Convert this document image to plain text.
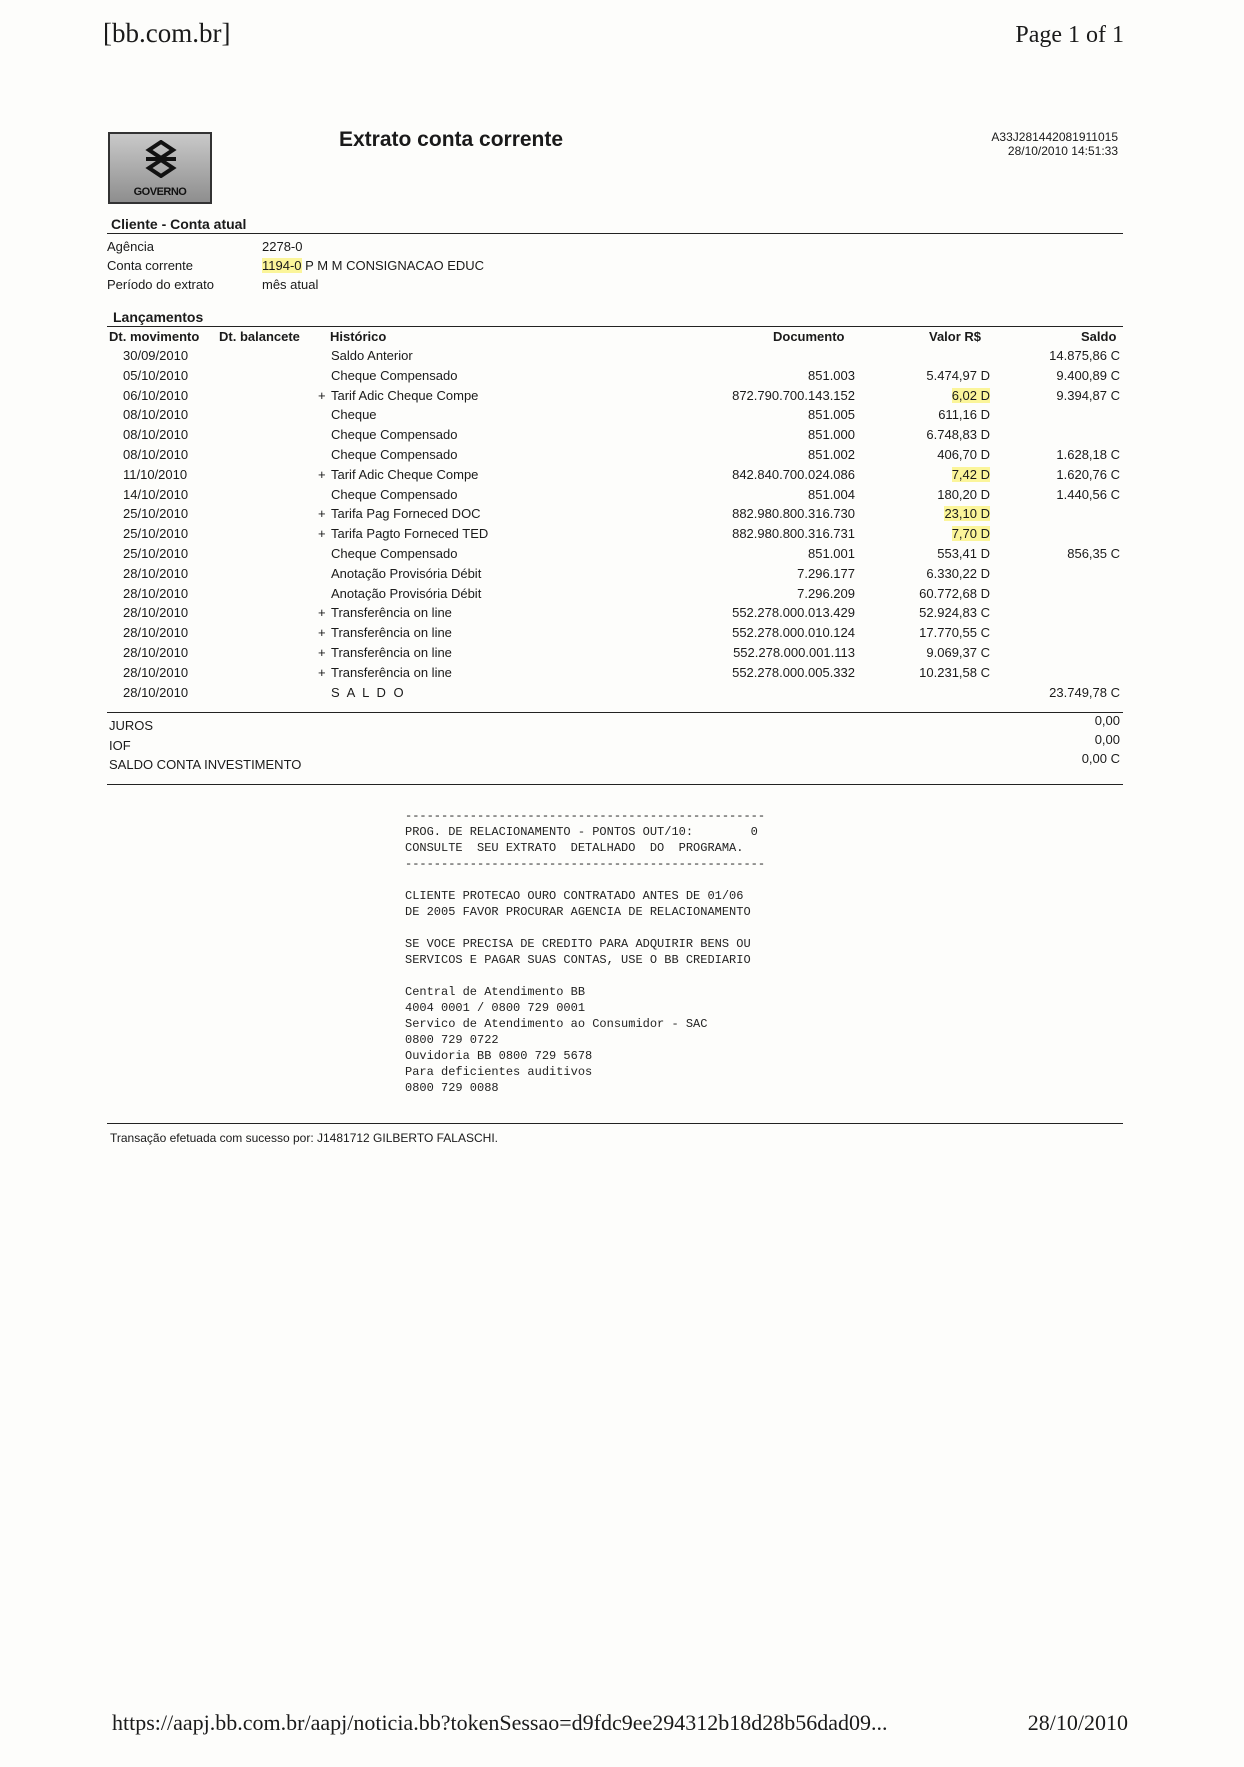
[bb.com.br]	Page 1 of 1
GOVERNO
Extrato conta corrente	A33J281442081911015
28/10/2010 14:51:33
Cliente - Conta atual
Agência	2278-0
Conta corrente	1194-0 P M M CONSIGNACAO EDUC
Período do extrato	mês atual
Lançamentos
Dt. movimento Dt. balancete Histórico	Documento	Valor R$	Saldo
30/09/2010	Saldo Anterior	14.875,86 C
05/10/2010	Cheque Compensado	851.003	5.474,97 D	9.400,89 C
06/10/2010	+ Tarif Adic Cheque Compe	872.790.700.143.152	6,02 D	9.394,87 C
08/10/2010	Cheque	851.005	611,16 D
08/10/2010	Cheque Compensado	851.000	6.748,83 D
08/10/2010	Cheque Compensado	851.002	406,70 D	1.628,18 C
11/10/2010	+ Tarif Adic Cheque Compe	842.840.700.024.086	7,42 D	1.620,76 C
14/10/2010	Cheque Compensado	851.004	180,20 D	1.440,56 C
25/10/2010	+ Tarifa Pag Forneced DOC	882.980.800.316.730	23,10 D
25/10/2010	+ Tarifa Pagto Forneced TED	882.980.800.316.731	7,70 D
25/10/2010	Cheque Compensado	851.001	553,41 D	856,35 C
28/10/2010	Anotação Provisória Débit	7.296.177	6.330,22 D
28/10/2010	Anotação Provisória Débit	7.296.209	60.772,68 D
28/10/2010	+ Transferência on line	552.278.000.013.429	52.924,83 C
28/10/2010	+ Transferência on line	552.278.000.010.124	17.770,55 C
28/10/2010	+ Transferência on line	552.278.000.001.113	9.069,37 C
28/10/2010	+ Transferência on line	552.278.000.005.332	10.231,58 C
28/10/2010	S A L D O	23.749,78 C
JUROS	0,00
IOF	0,00
SALDO CONTA INVESTIMENTO	0,00 C
--------------------------------------------------
PROG. DE RELACIONAMENTO - PONTOS OUT/10:        0
CONSULTE  SEU EXTRATO  DETALHADO  DO  PROGRAMA.
--------------------------------------------------
CLIENTE PROTECAO OURO CONTRATADO ANTES DE 01/06
DE 2005 FAVOR PROCURAR AGENCIA DE RELACIONAMENTO
SE VOCE PRECISA DE CREDITO PARA ADQUIRIR BENS OU
SERVICOS E PAGAR SUAS CONTAS, USE O BB CREDIARIO
Central de Atendimento BB
4004 0001 / 0800 729 0001
Servico de Atendimento ao Consumidor - SAC
0800 729 0722
Ouvidoria BB 0800 729 5678
Para deficientes auditivos
0800 729 0088
Transação efetuada com sucesso por: J1481712 GILBERTO FALASCHI.
https://aapj.bb.com.br/aapj/noticia.bb?tokenSessao=d9fdc9ee294312b18d28b56dad09...	28/10/2010
